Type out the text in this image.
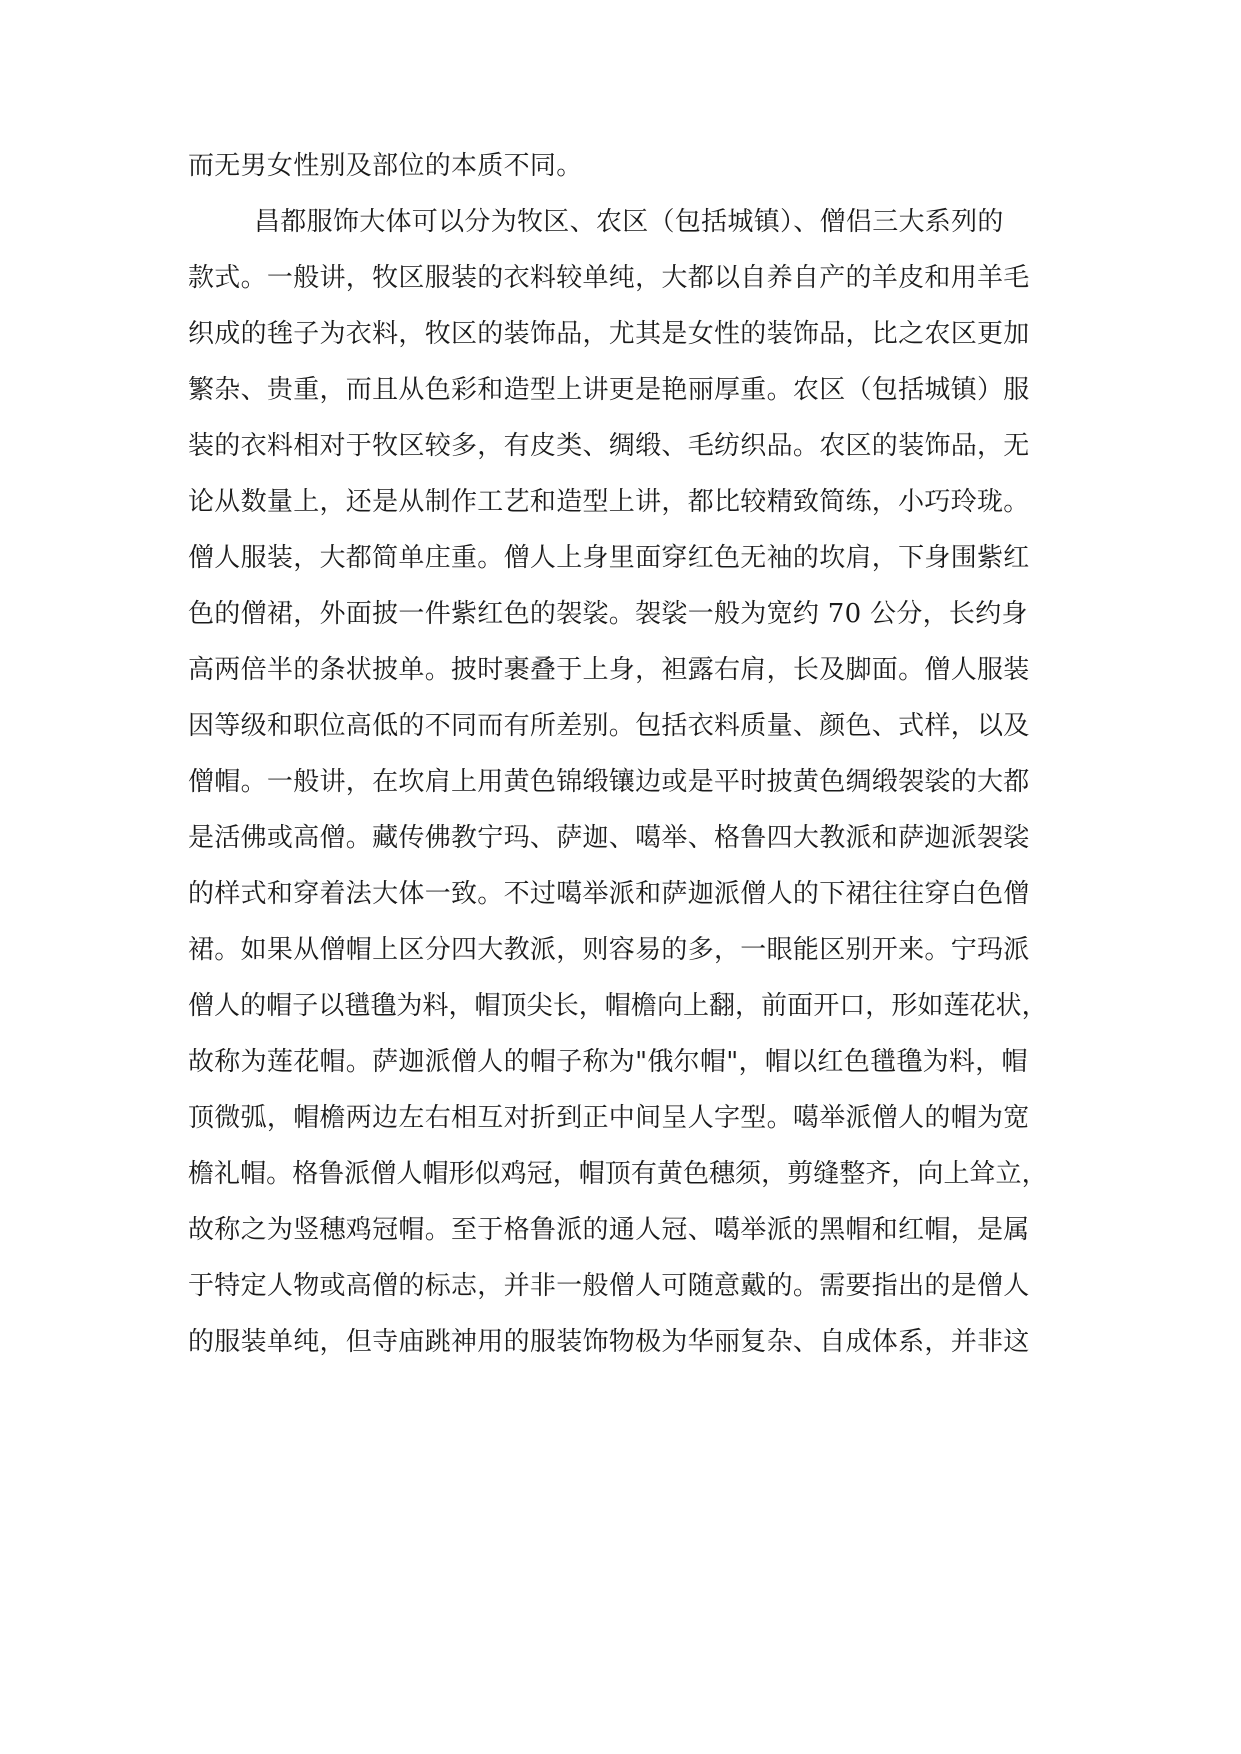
而无男女性别及部位的本质不同。
昌都服饰大体可以分为牧区、农区（包括城镇）、僧侣三大系列的
款式。一般讲，牧区服装的衣料较单纯，大都以自养自产的羊皮和用羊毛
织成的毪子为衣料，牧区的装饰品，尤其是女性的装饰品，比之农区更加
繁杂、贵重，而且从色彩和造型上讲更是艳丽厚重。农区（包括城镇）服
装的衣料相对于牧区较多，有皮类、绸缎、毛纺织品。农区的装饰品，无
论从数量上，还是从制作工艺和造型上讲，都比较精致简练，小巧玲珑。
僧人服装，大都简单庄重。僧人上身里面穿红色无袖的坎肩，下身围紫红
色的僧裙，外面披一件紫红色的袈裟。袈裟一般为宽约 70 公分，长约身
高两倍半的条状披单。披时裹叠于上身，袒露右肩，长及脚面。僧人服装
因等级和职位高低的不同而有所差别。包括衣料质量、颜色、式样，以及
僧帽。一般讲，在坎肩上用黄色锦缎镶边或是平时披黄色绸缎袈裟的大都
是活佛或高僧。藏传佛教宁玛、萨迦、噶举、格鲁四大教派和萨迦派袈裟
的样式和穿着法大体一致。不过噶举派和萨迦派僧人的下裙往往穿白色僧
裙。如果从僧帽上区分四大教派，则容易的多，一眼能区别开来。宁玛派
僧人的帽子以氆氇为料，帽顶尖长，帽檐向上翻，前面开口，形如莲花状，
故称为莲花帽。萨迦派僧人的帽子称为"俄尔帽"，帽以红色氆氇为料，帽
顶微弧，帽檐两边左右相互对折到正中间呈人字型。噶举派僧人的帽为宽
檐礼帽。格鲁派僧人帽形似鸡冠，帽顶有黄色穗须，剪缝整齐，向上耸立，
故称之为竖穗鸡冠帽。至于格鲁派的通人冠、噶举派的黑帽和红帽，是属
于特定人物或高僧的标志，并非一般僧人可随意戴的。需要指出的是僧人
的服装单纯，但寺庙跳神用的服装饰物极为华丽复杂、自成体系，并非这
